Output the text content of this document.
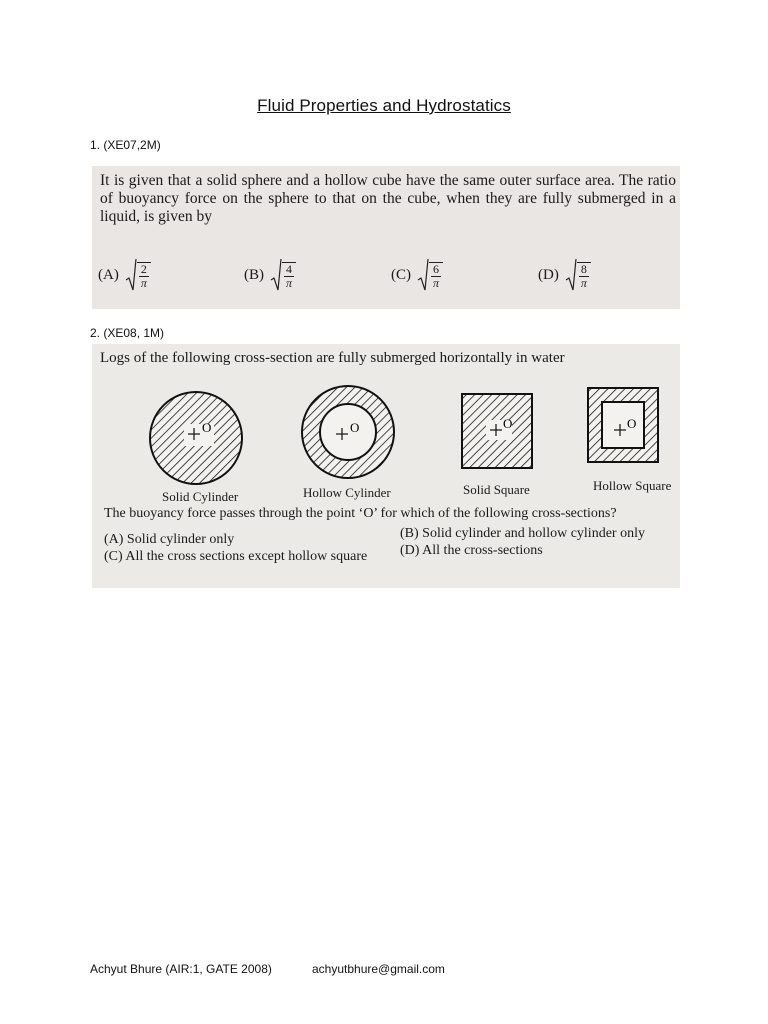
Fluid Properties and Hydrostatics
1. (XE07,2M)
It is given that a solid sphere and a hollow cube have the same outer surface area. The ratio of buoyancy force on the sphere to that on the cube, when they are fully submerged in a liquid, is given by
$(A) \frac{2}{\pi}$	$(B) \frac{4}{\pi}$	$(C) \frac{6}{\pi}$	$(D) \frac{8}{\pi}$
2. (XE08, 1M)
Logs of the following cross-section are fully submerged horizontally in water
O	O	O	O
Solid Cylinder	Hollow Cylinder	Solid Square	Hollow Square
The buoyancy force passes through the point ‘O’ for which of the following cross-sections?
(A) Solid cylinder only	(B) Solid cylinder and hollow cylinder only
(C) All the cross sections except hollow square (D) All the cross-sections
Achyut Bhure (AIR:1, GATE 2008)	achyutbhure@gmail.com
